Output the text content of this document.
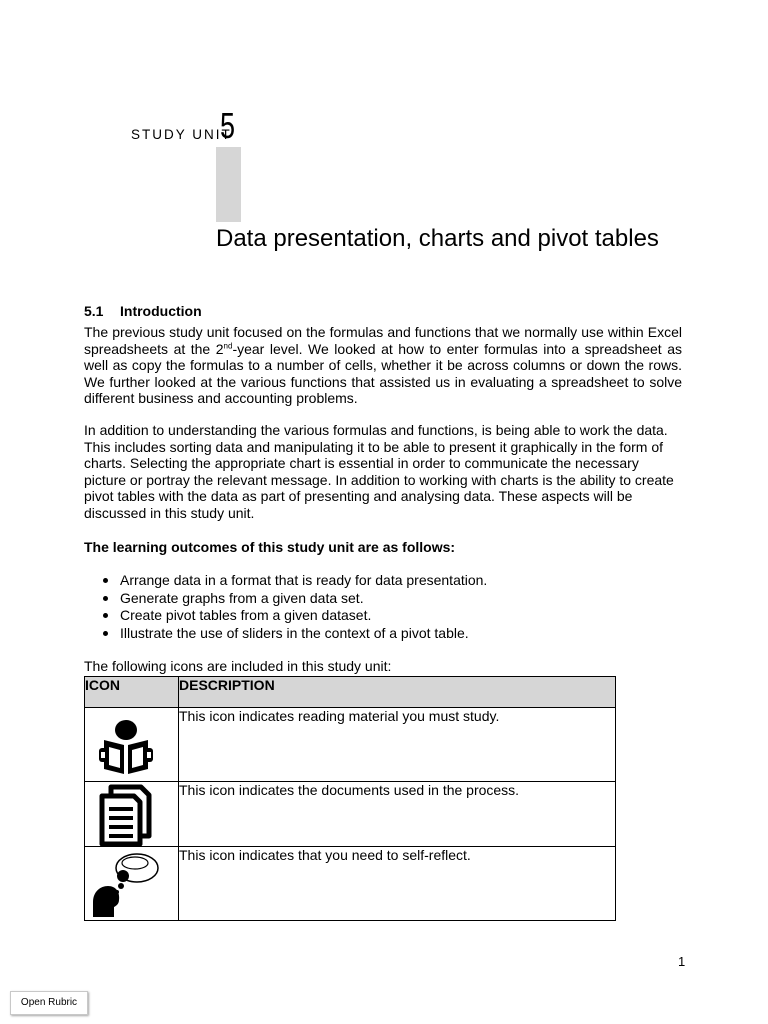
STUDY UNIT
5
Data presentation, charts and pivot tables
5.1 Introduction

The previous study unit focused on the formulas and functions that we normally use within Excel spreadsheets at the 2nd-year level. We looked at how to enter formulas into a spreadsheet as well as copy the formulas to a number of cells, whether it be across columns or down the rows. We further looked at the various functions that assisted us in evaluating a spreadsheet to solve different business and accounting problems.

In addition to understanding the various formulas and functions, is being able to work the data. This includes sorting data and manipulating it to be able to present it graphically in the form of charts. Selecting the appropriate chart is essential in order to communicate the necessary picture or portray the relevant message. In addition to working with charts is the ability to create pivot tables with the data as part of presenting and analysing data. These aspects will be discussed in this study unit.

The learning outcomes of this study unit are as follows:
Arrange data in a format that is ready for data presentation.
Generate graphs from a given data set.
Create pivot tables from a given dataset.
Illustrate the use of sliders in the context of a pivot table.
The following icons are included in this study unit:
ICON	DESCRIPTION

	This icon indicates reading material you must study.

	This icon indicates the documents used in the process.

	This icon indicates that you need to self-reflect.
1
Open Rubric
